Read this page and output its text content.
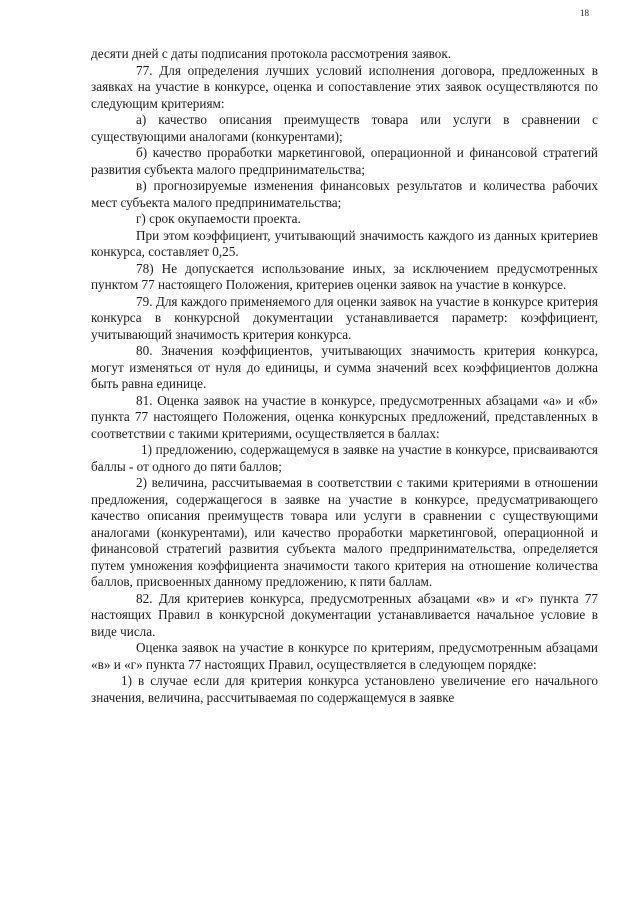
18

десяти дней с даты подписания протокола рассмотрения заявок.

77. Для определения лучших условий исполнения договора, предложенных в заявках на участие в конкурсе, оценка и сопоставление этих заявок осуществляются по следующим критериям:

а) качество описания преимуществ товара или услуги в сравнении с существующими аналогами (конкурентами);

б) качество проработки маркетинговой, операционной и финансовой стратегий развития субъекта малого предпринимательства;

в) прогнозируемые изменения финансовых результатов и количества рабочих мест субъекта малого предпринимательства;

г) срок окупаемости проекта.

При этом коэффициент, учитывающий значимость каждого из данных критериев конкурса, составляет 0,25.

78) Не допускается использование иных, за исключением предусмотренных пунктом 77 настоящего Положения, критериев оценки заявок на участие в конкурсе.

79. Для каждого применяемого для оценки заявок на участие в конкурсе критерия конкурса в конкурсной документации устанавливается параметр: коэффициент, учитывающий значимость критерия конкурса.

80. Значения коэффициентов, учитывающих значимость критерия конкурса, могут изменяться от нуля до единицы, и сумма значений всех коэффициентов должна быть равна единице.

81. Оценка заявок на участие в конкурсе, предусмотренных абзацами «а» и «б» пункта 77 настоящего Положения, оценка конкурсных предложений, представленных в соответствии с такими критериями, осуществляется в баллах:

1) предложению, содержащемуся в заявке на участие в конкурсе, присваиваются баллы - от одного до пяти баллов;

2) величина, рассчитываемая в соответствии с такими критериями в отношении предложения, содержащегося в заявке на участие в конкурсе, предусматривающего качество описания преимуществ товара или услуги в сравнении с существующими аналогами (конкурентами), или качество проработки маркетинговой, операционной и финансовой стратегий развития субъекта малого предпринимательства, определяется путем умножения коэффициента значимости такого критерия на отношение количества баллов, присвоенных данному предложению, к пяти баллам.

82. Для критериев конкурса, предусмотренных абзацами «в» и «г» пункта 77 настоящих Правил в конкурсной документации устанавливается начальное условие в виде числа.

Оценка заявок на участие в конкурсе по критериям, предусмотренным абзацами «в» и «г» пункта 77 настоящих Правил, осуществляется в следующем порядке:

1) в случае если для критерия конкурса установлено увеличение его начального значения, величина, рассчитываемая по содержащемуся в заявке
